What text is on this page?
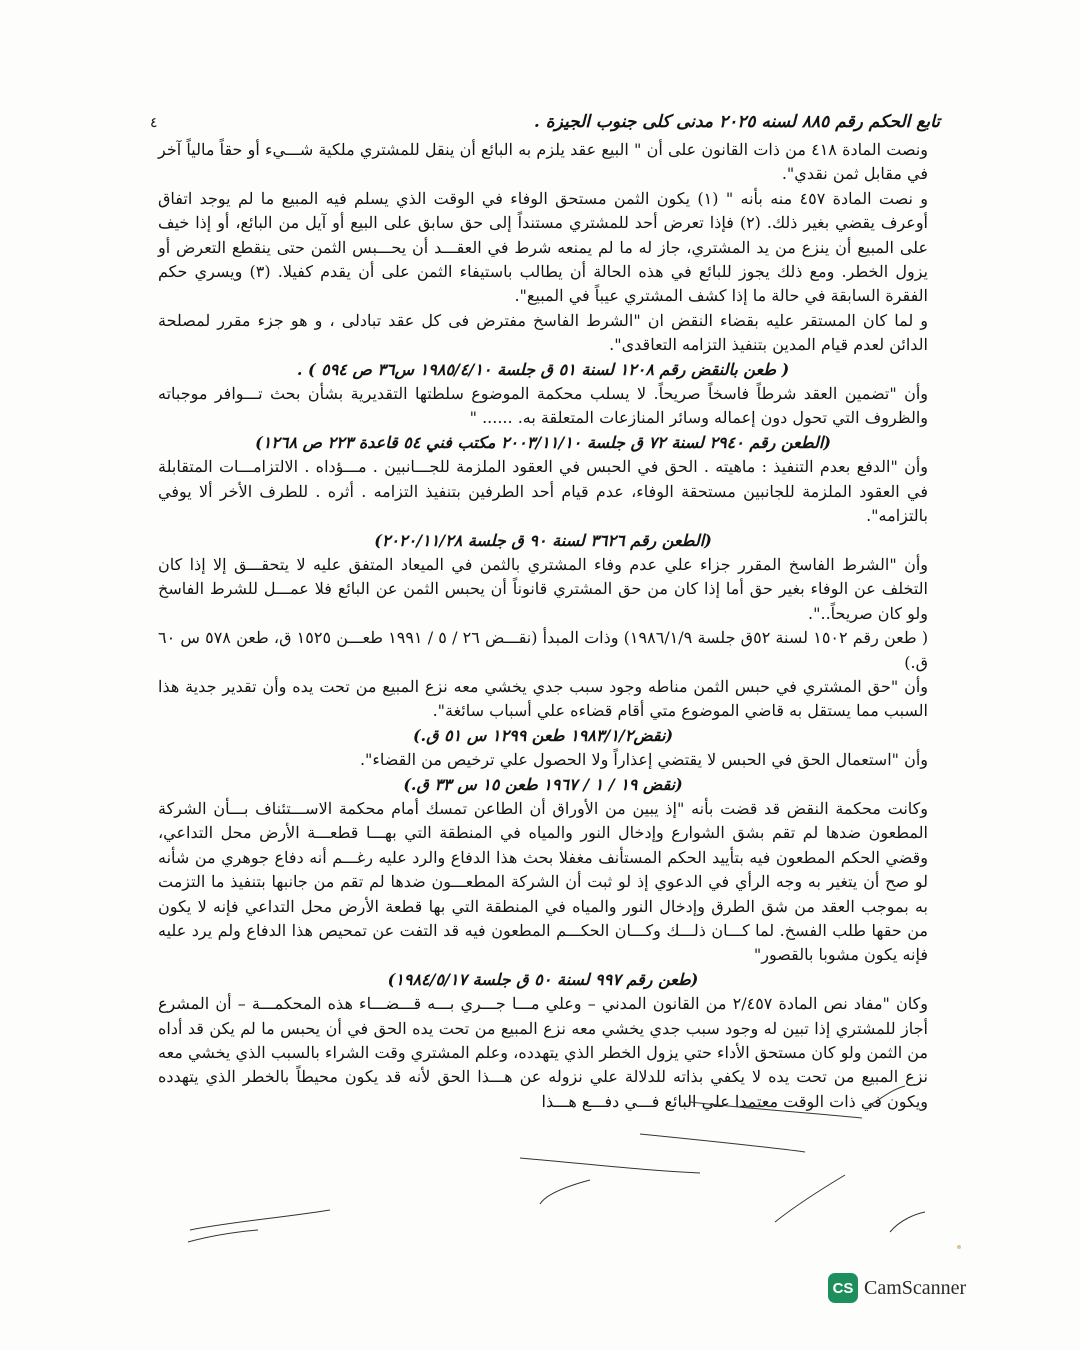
تابع الحكم رقم ٨٨٥ لسنه ٢٠٢٥ مدنى كلى جنوب الجيزة .
٤

ونصت المادة ٤١٨ من ذات القانون على أن " البيع عقد يلزم به البائع أن ينقل للمشتري ملكية شـــيء أو حقاً مالياً آخر في مقابل ثمن نقدي".

و نصت المادة ٤٥٧ منه بأنه " (١) يكون الثمن مستحق الوفاء في الوقت الذي يسلم فيه المبيع ما لم يوجد اتفاق أوعرف يقضي بغير ذلك. (٢) فإذا تعرض أحد للمشتري مستنداً إلى حق سابق على البيع أو آيل من البائع، أو إذا خيف على المبيع أن ينزع من يد المشتري، جاز له ما لم يمنعه شرط في العقـــد أن يحـــبس الثمن حتى ينقطع التعرض أو يزول الخطر. ومع ذلك يجوز للبائع في هذه الحالة أن يطالب باستيفاء الثمن على أن يقدم كفيلا. (٣) ويسري حكم الفقرة السابقة في حالة ما إذا كشف المشتري عيباً في المبيع".

و لما كان المستقر عليه بقضاء النقض ان "الشرط الفاسخ مفترض فى كل عقد تبادلى ، و هو جزء مقرر لمصلحة الدائن لعدم قيام المدين بتنفيذ التزامه التعاقدى".

( طعن بالنقض رقم ١٢٠٨ لسنة ٥١ ق جلسة ١٩٨٥/٤/١٠ س٣٦ ص ٥٩٤ ) .

وأن "تضمين العقد شرطاً فاسخاً صريحاً. لا يسلب محكمة الموضوع سلطتها التقديرية بشأن بحث تـــوافر موجباته والظروف التي تحول دون إعماله وسائر المنازعات المتعلقة به. ...... "

(الطعن رقم ٢٩٤٠ لسنة ٧٢ ق جلسة ٢٠٠٣/١١/١٠ مكتب فني ٥٤ قاعدة ٢٢٣ ص ١٢٦٨)

وأن "الدفع بعدم التنفيذ : ماهيته . الحق في الحبس في العقود الملزمة للجـــانبين . مـــؤداه . الالتزامـــات المتقابلة في العقود الملزمة للجانبين مستحقة الوفاء، عدم قيام أحد الطرفين بتنفيذ التزامه . أثره . للطرف الأخر ألا يوفي بالتزامه".

(الطعن رقم ٣٦٢٦ لسنة ٩٠ ق جلسة ٢٠٢٠/١١/٢٨)

وأن "الشرط الفاسخ المقرر جزاء علي عدم وفاء المشتري بالثمن في الميعاد المتفق عليه لا يتحقـــق إلا إذا كان التخلف عن الوفاء بغير حق أما إذا كان من حق المشتري قانوناً أن يحبس الثمن عن البائع فلا عمـــل للشرط الفاسخ ولو كان صريحاً..".

( طعن رقم ١٥٠٢ لسنة ٥٢ق جلسة ١٩٨٦/١/٩) وذات المبدأ (نقـــض ٢٦ / ٥ / ١٩٩١ طعـــن ١٥٢٥ ق، طعن ٥٧٨ س ٦٠ ق.)

وأن "حق المشتري في حبس الثمن مناطه وجود سبب جدي يخشي معه نزع المبيع من تحت يده وأن تقدير جدية هذا السبب مما يستقل به قاضي الموضوع متي أقام قضاءه علي أسباب سائغة".

(نقض١٩٨٣/١/٢ طعن ١٢٩٩ س ٥١ ق.)

وأن "استعمال الحق في الحبس لا يقتضي إعذاراً ولا الحصول علي ترخيص من القضاء".

(نقض ١٩ / ١ / ١٩٦٧ طعن ١٥ س ٣٣ ق.)

وكانت محكمة النقض قد قضت بأنه "إذ يبين من الأوراق أن الطاعن تمسك أمام محكمة الاســـتئناف بـــأن الشركة المطعون ضدها لم تقم بشق الشوارع وإدخال النور والمياه في المنطقة التي بهـــا قطعـــة الأرض محل التداعي، وقضي الحكم المطعون فيه بتأييد الحكم المستأنف مغفلا بحث هذا الدفاع والرد عليه رغـــم أنه دفاع جوهري من شأنه لو صح أن يتغير به وجه الرأي في الدعوي إذ لو ثبت أن الشركة المطعـــون ضدها لم تقم من جانبها بتنفيذ ما التزمت به بموجب العقد من شق الطرق وإدخال النور والمياه في المنطقة التي بها قطعة الأرض محل التداعي فإنه لا يكون من حقها طلب الفسخ. لما كـــان ذلـــك وكـــان الحكـــم المطعون فيه قد التفت عن تمحيص هذا الدفاع ولم يرد عليه فإنه يكون مشوبا بالقصور"

(طعن رقم ٩٩٧ لسنة ٥٠ ق جلسة ١٩٨٤/٥/١٧)

وكان "مفاد نص المادة ٢/٤٥٧ من القانون المدني – وعلي مـــا جـــري بـــه قـــضـــاء هذه المحكمـــة – أن المشرع أجاز للمشتري إذا تبين له وجود سبب جدي يخشي معه نزع المبيع من تحت يده الحق في أن يحبس ما لم يكن قد أداه من الثمن ولو كان مستحق الأداء حتي يزول الخطر الذي يتهدده، وعلم المشتري وقت الشراء بالسبب الذي يخشي معه نزع المبيع من تحت يده لا يكفي بذاته للدلالة علي نزوله عن هـــذا الحق لأنه قد يكون محيطاً بالخطر الذي يتهدده ويكون في ذات الوقت معتمدا علي البائع فـــي دفـــع هـــذا

CS CamScanner
